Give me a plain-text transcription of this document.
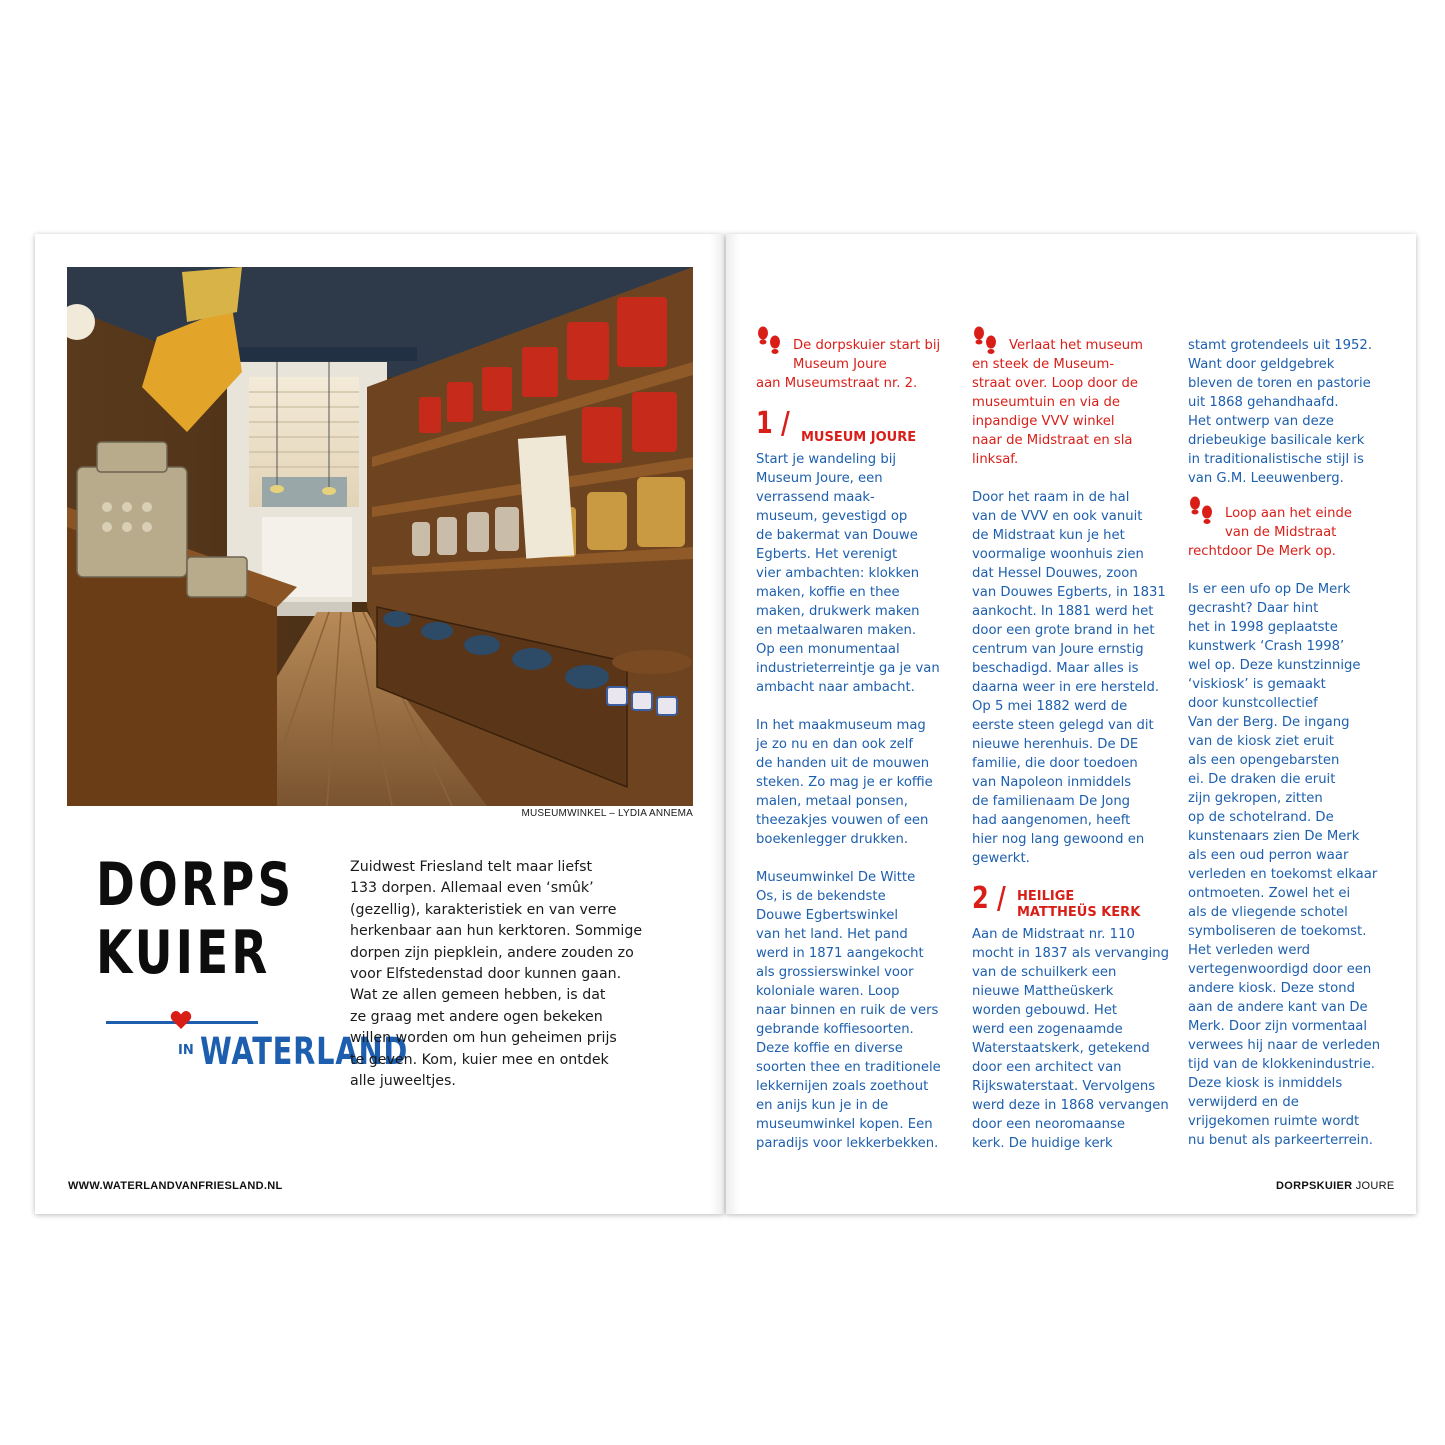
MUSEUMWINKEL – LYDIA ANNEMA
DORPS
KUIER
IN WATERLAND
Zuidwest Friesland telt maar liefst
133 dorpen. Allemaal even ‘smûk’
(gezellig), karakteristiek en van verre
herkenbaar aan hun kerktoren. Sommige
dorpen zijn piepklein, andere zouden zo
voor Elfstedenstad door kunnen gaan.
Wat ze allen gemeen hebben, is dat
ze graag met andere ogen bekeken
willen worden om hun geheimen prijs
te geven. Kom, kuier mee en ontdek
alle juweeltjes.
WWW.WATERLANDVANFRIESLAND.NL	DORPSKUIER JOURE
De dorpskuier start bij
Museum Joure
aan Museumstraat nr. 2.
1 / MUSEUM JOURE
Start je wandeling bij
Museum Joure, een
verrassend maak-
museum, gevestigd op
de bakermat van Douwe
Egberts. Het verenigt
vier ambachten: klokken
maken, koffie en thee
maken, drukwerk maken
en metaalwaren maken.
Op een monumentaal
industrieterreintje ga je van
ambacht naar ambacht.
In het maakmuseum mag
je zo nu en dan ook zelf
de handen uit de mouwen
steken. Zo mag je er koffie
malen, metaal ponsen,
theezakjes vouwen of een
boekenlegger drukken.
Museumwinkel De Witte
Os, is de bekendste
Douwe Egbertswinkel
van het land. Het pand
werd in 1871 aangekocht
als grossierswinkel voor
koloniale waren. Loop
naar binnen en ruik de vers
gebrande koffiesoorten.
Deze koffie en diverse
soorten thee en traditionele
lekkernijen zoals zoethout
en anijs kun je in de
museumwinkel kopen. Een
paradijs voor lekkerbekken.
Verlaat het museum
en steek de Museum-
straat over. Loop door de
museumtuin en via de
inpandige VVV winkel
naar de Midstraat en sla
linksaf.
Door het raam in de hal
van de VVV en ook vanuit
de Midstraat kun je het
voormalige woonhuis zien
dat Hessel Douwes, zoon
van Douwes Egberts, in 1831
aankocht. In 1881 werd het
door een grote brand in het
centrum van Joure ernstig
beschadigd. Maar alles is
daarna weer in ere hersteld.
Op 5 mei 1882 werd de
eerste steen gelegd van dit
nieuwe herenhuis. De DE
familie, die door toedoen
van Napoleon inmiddels
de familienaam De Jong
had aangenomen, heeft
hier nog lang gewoond en
gewerkt.
2 / HEILIGE
MATTHEÜS KERK
Aan de Midstraat nr. 110
mocht in 1837 als vervanging
van de schuilkerk een
nieuwe Mattheüskerk
worden gebouwd. Het
werd een zogenaamde
Waterstaatskerk, getekend
door een architect van
Rijkswaterstaat. Vervolgens
werd deze in 1868 vervangen
door een neoromaanse
kerk. De huidige kerk
stamt grotendeels uit 1952.
Want door geldgebrek
bleven de toren en pastorie
uit 1868 gehandhaafd.
Het ontwerp van deze
driebeukige basilicale kerk
in traditionalistische stijl is
van G.M. Leeuwenberg.
Loop aan het einde
van de Midstraat
rechtdoor De Merk op.
Is er een ufo op De Merk
gecrasht? Daar hint
het in 1998 geplaatste
kunstwerk ‘Crash 1998’
wel op. Deze kunstzinnige
‘viskiosk’ is gemaakt
door kunstcollectief
Van der Berg. De ingang
van de kiosk ziet eruit
als een opengebarsten
ei. De draken die eruit
zijn gekropen, zitten
op de schotelrand. De
kunstenaars zien De Merk
als een oud perron waar
verleden en toekomst elkaar
ontmoeten. Zowel het ei
als de vliegende schotel
symboliseren de toekomst.
Het verleden werd
vertegenwoordigd door een
andere kiosk. Deze stond
aan de andere kant van De
Merk. Door zijn vormentaal
verwees hij naar de verleden
tijd van de klokkenindustrie.
Deze kiosk is inmiddels
verwijderd en de
vrijgekomen ruimte wordt
nu benut als parkeerterrein.
